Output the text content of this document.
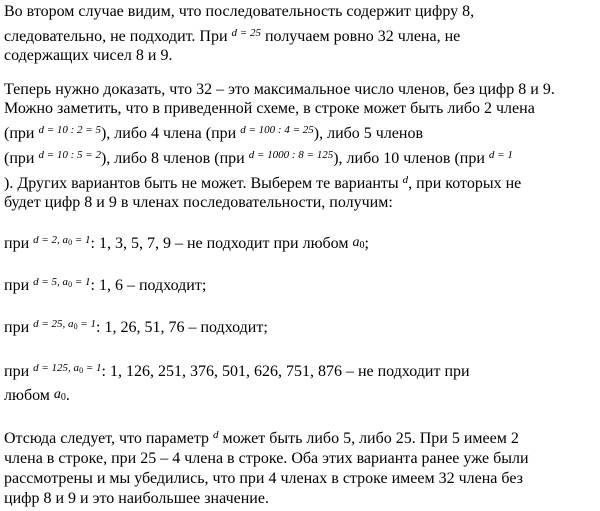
Во втором случае видим, что последовательность содержит цифру 8,
следовательно, не подходит. При d = 25 получаем ровно 32 члена, не
содержащих чисел 8 и 9.
Теперь нужно доказать, что 32 – это максимальное число членов, без цифр 8 и 9.
Можно заметить, что в приведенной схеме, в строке может быть либо 2 члена
(при d = 10 : 2 = 5), либо 4 члена (при d = 100 : 4 = 25), либо 5 членов
(при d = 10 : 5 = 2), либо 8 членов (при d = 1000 : 8 = 125), либо 10 членов (при d = 1
). Других вариантов быть не может. Выберем те варианты d, при которых не
будет цифр 8 и 9 в членах последовательности, получим:
при d = 2, $a_0 = 1$: 1, 3, 5, 7, 9 – не подходит при любом $a_0$;
при d = 5, $a_0 = 1$: 1, 6 – подходит;
при d = 25, $a_0 = 1$: 1, 26, 51, 76 – подходит;
при d = 125, $a_0 = 1$: 1, 126, 251, 376, 501, 626, 751, 876 – не подходит при
любом $a_0$.
Отсюда следует, что параметр d может быть либо 5, либо 25. При 5 имеем 2
члена в строке, при 25 – 4 члена в строке. Оба этих варианта ранее уже были
рассмотрены и мы убедились, что при 4 членах в строке имеем 32 члена без
цифр 8 и 9 и это наибольшее значение.
